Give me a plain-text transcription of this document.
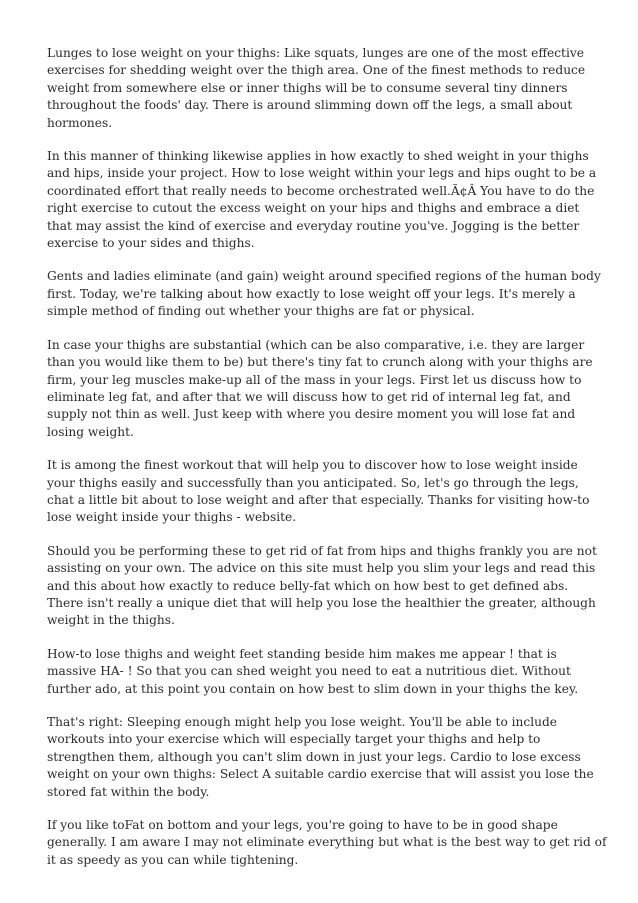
Lunges to lose weight on your thighs: Like squats, lunges are one of the most effective exercises for shedding weight over the thigh area. One of the finest methods to reduce weight from somewhere else or inner thighs will be to consume several tiny dinners throughout the foods' day. There is around slimming down off the legs, a small about hormones.

In this manner of thinking likewise applies in how exactly to shed weight in your thighs and hips, inside your project. How to lose weight within your legs and hips ought to be a coordinated effort that really needs to become orchestrated well.Ã¢Â You have to do the right exercise to cutout the excess weight on your hips and thighs and embrace a diet that may assist the kind of exercise and everyday routine you've. Jogging is the better exercise to your sides and thighs.

Gents and ladies eliminate (and gain) weight around specified regions of the human body first. Today, we're talking about how exactly to lose weight off your legs. It's merely a simple method of finding out whether your thighs are fat or physical.

In case your thighs are substantial (which can be also comparative, i.e. they are larger than you would like them to be) but there's tiny fat to crunch along with your thighs are firm, your leg muscles make-up all of the mass in your legs. First let us discuss how to eliminate leg fat, and after that we will discuss how to get rid of internal leg fat, and supply not thin as well. Just keep with where you desire moment you will lose fat and losing weight.

It is among the finest workout that will help you to discover how to lose weight inside your thighs easily and successfully than you anticipated. So, let's go through the legs, chat a little bit about to lose weight and after that especially. Thanks for visiting how-to lose weight inside your thighs - website.

Should you be performing these to get rid of fat from hips and thighs frankly you are not assisting on your own. The advice on this site must help you slim your legs and read this and this about how exactly to reduce belly-fat which on how best to get defined abs. There isn't really a unique diet that will help you lose the healthier the greater, although weight in the thighs.

How-to lose thighs and weight feet standing beside him makes me appear ! that is massive HA- ! So that you can shed weight you need to eat a nutritious diet. Without further ado, at this point you contain on how best to slim down in your thighs the key.

That's right: Sleeping enough might help you lose weight. You'll be able to include workouts into your exercise which will especially target your thighs and help to strengthen them, although you can't slim down in just your legs. Cardio to lose excess weight on your own thighs: Select A suitable cardio exercise that will assist you lose the stored fat within the body.

If you like toFat on bottom and your legs, you're going to have to be in good shape generally. I am aware I may not eliminate everything but what is the best way to get rid of it as speedy as you can while tightening.
